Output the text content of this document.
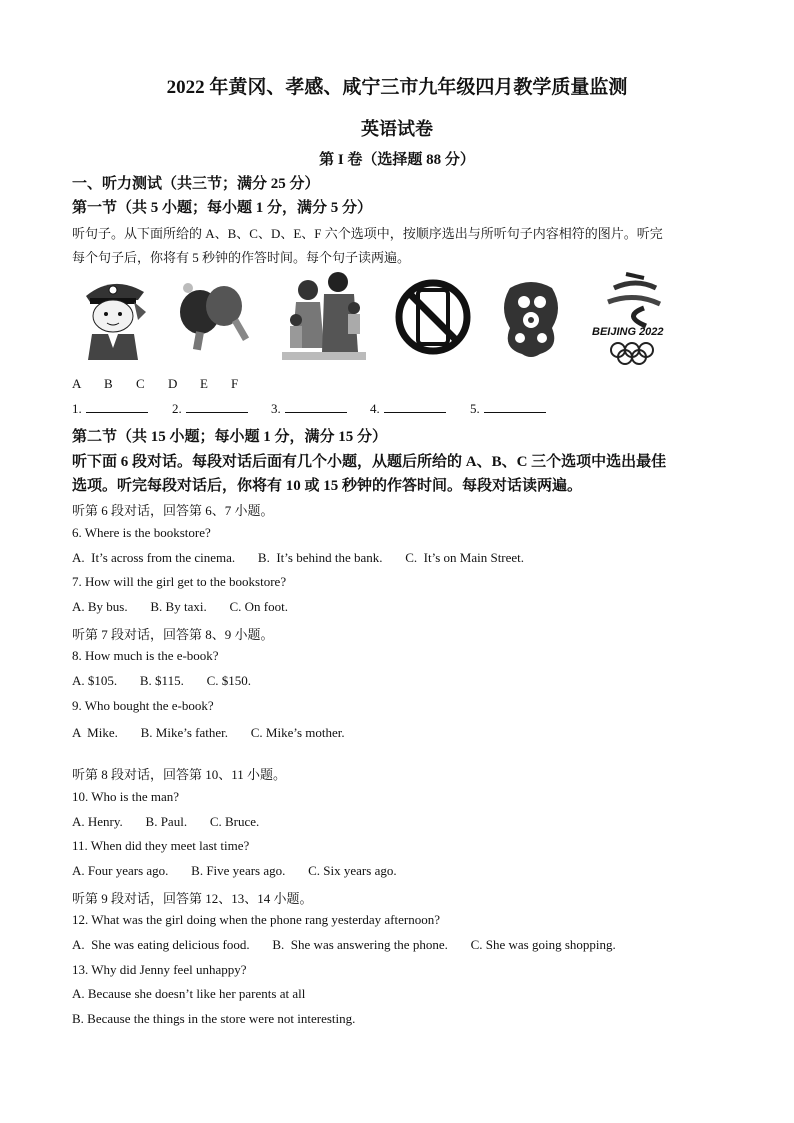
2022 年黄冈、孝感、咸宁三市九年级四月教学质量监测
英语试卷
第 I 卷（选择题 88 分）
一、听力测试（共三节；满分 25 分）
第一节（共 5 小题；每小题 1 分，满分 5 分）
听句子。从下面所给的 A、B、C、D、E、F 六个选项中，按顺序选出与所听句子内容相符的图片。听完
每个句子后，你将有 5 秒钟的作答时间。每个句子读两遍。
BEIJING 2022
A B C D E F
1.	2.	3.	4.	5.
第二节（共 15 小题；每小题 1 分，满分 15 分）
听下面 6 段对话。每段对话后面有几个小题，从题后所给的 A、B、C 三个选项中选出最佳
选项。听完每段对话后，你将有 10 或 15 秒钟的作答时间。每段对话读两遍。
听第 6 段对话，回答第 6、7 小题。
6. Where is the bookstore?
A.  It’s across from the cinema.       B.  It’s behind the bank.       C.  It’s on Main Street.
7. How will the girl get to the bookstore?
A. By bus.       B. By taxi.       C. On foot.
听第 7 段对话，回答第 8、9 小题。
8. How much is the e-book?
A. $105.       B. $115.       C. $150.
9. Who bought the e-book?
A  Mike.       B. Mike’s father.       C. Mike’s mother.
听第 8 段对话，回答第 10、11 小题。
10. Who is the man?
A. Henry.       B. Paul.       C. Bruce.
11. When did they meet last time?
A. Four years ago.       B. Five years ago.       C. Six years ago.
听第 9 段对话，回答第 12、13、14 小题。
12. What was the girl doing when the phone rang yesterday afternoon?
A.  She was eating delicious food.       B.  She was answering the phone.       C. She was going shopping.
13. Why did Jenny feel unhappy?
A. Because she doesn’t like her parents at all
B. Because the things in the store were not interesting.
